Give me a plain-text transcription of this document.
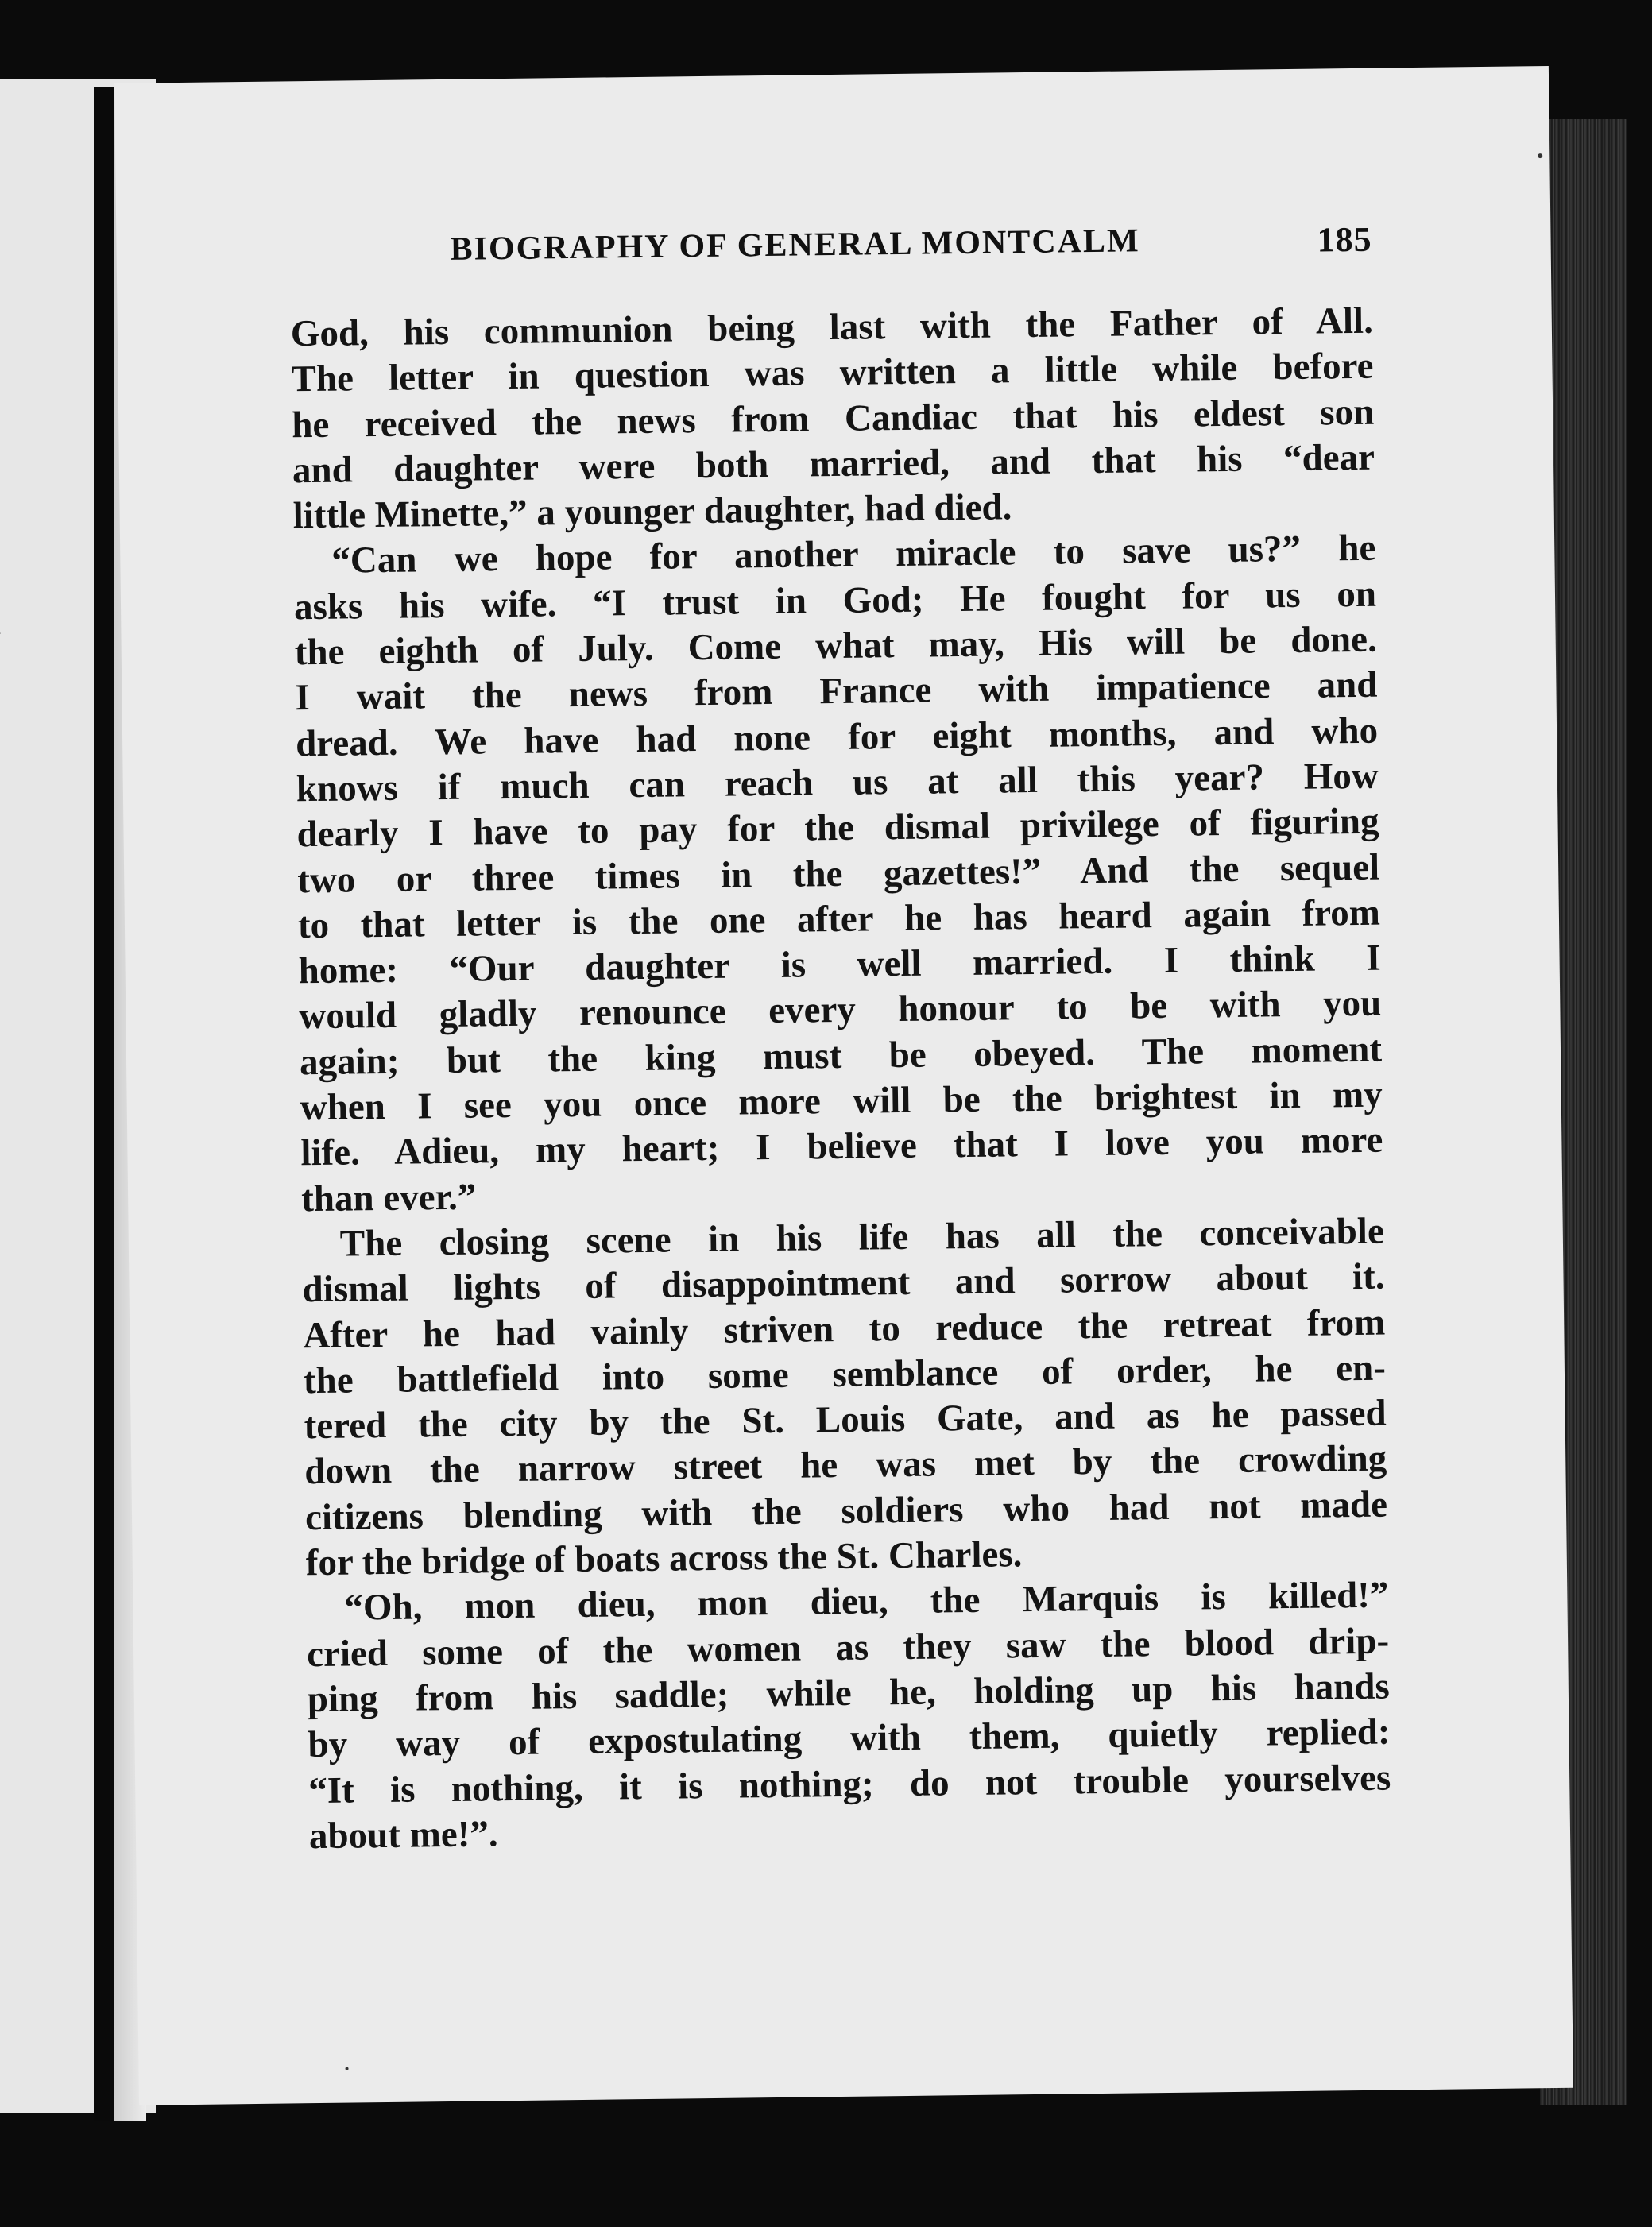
BIOGRAPHY OF GENERAL MONTCALM	185
God, his communion being last with the Father of All.
The letter in question was written a little while before
he received the news from Candiac that his eldest son
and daughter were both married, and that his “dear
little Minette,” a younger daughter, had died.
“Can we hope for another miracle to save us?” he
asks his wife. “I trust in God; He fought for us on
the eighth of July. Come what may, His will be done.
I wait the news from France with impatience and
dread. We have had none for eight months, and who
knows if much can reach us at all this year? How
dearly I have to pay for the dismal privilege of figuring
two or three times in the gazettes!” And the sequel
to that letter is the one after he has heard again from
home: “Our daughter is well married. I think I
would gladly renounce every honour to be with you
again; but the king must be obeyed. The moment
when I see you once more will be the brightest in my
life. Adieu, my heart; I believe that I love you more
than ever.”
The closing scene in his life has all the conceivable
dismal lights of disappointment and sorrow about it.
After he had vainly striven to reduce the retreat from
the battlefield into some semblance of order, he en-
tered the city by the St. Louis Gate, and as he passed
down the narrow street he was met by the crowding
citizens blending with the soldiers who had not made
for the bridge of boats across the St. Charles.
“Oh, mon dieu, mon dieu, the Marquis is killed!”
cried some of the women as they saw the blood drip-
ping from his saddle; while he, holding up his hands
by way of expostulating with them, quietly replied:
“It is nothing, it is nothing; do not trouble yourselves
about me!”.
